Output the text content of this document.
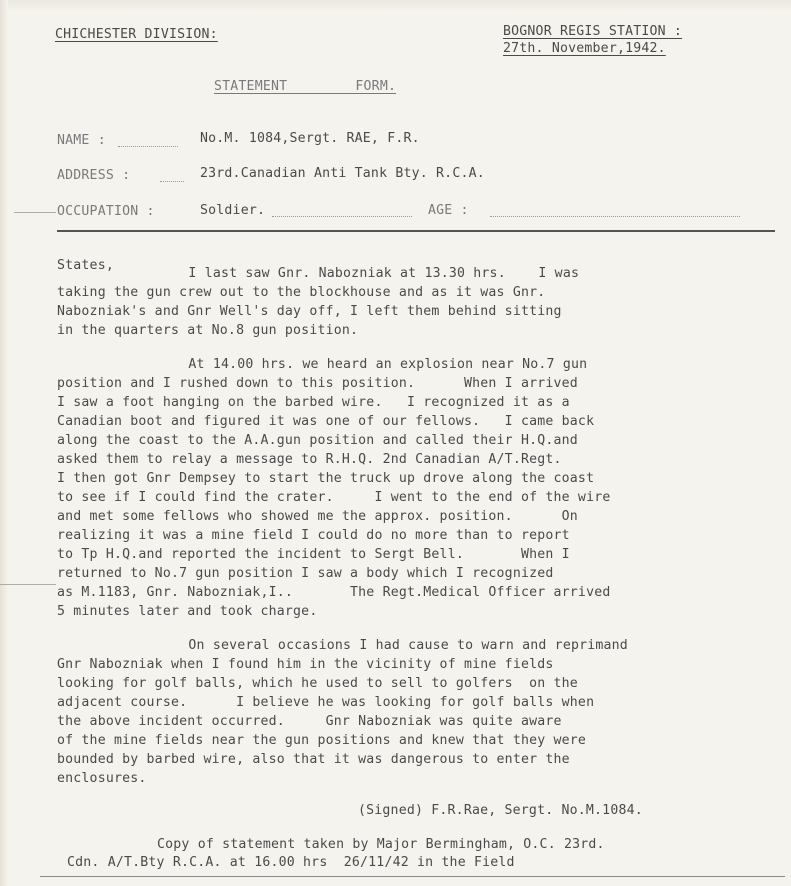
CHICHESTER DIVISION:	BOGNOR REGIS STATION :
27th. November,1942.
STATEMENT FORM.
NAME :	No.M. 1084,Sergt. RAE, F.R.
ADDRESS :	23rd.Canadian Anti Tank Bty. R.C.A.
OCCUPATION :	Soldier.	AGE :
States,
I last saw Gnr. Nabozniak at 13.30 hrs.    I was
taking the gun crew out to the blockhouse and as it was Gnr.
Nabozniak's and Gnr Well's day off, I left them behind sitting
in the quarters at No.8 gun position.
At 14.00 hrs. we heard an explosion near No.7 gun
position and I rushed down to this position.      When I arrived
I saw a foot hanging on the barbed wire.   I recognized it as a
Canadian boot and figured it was one of our fellows.   I came back
along the coast to the A.A.gun position and called their H.Q.and
asked them to relay a message to R.H.Q. 2nd Canadian A/T.Regt.
I then got Gnr Dempsey to start the truck up drove along the coast
to see if I could find the crater.     I went to the end of the wire
and met some fellows who showed me the approx. position.      On
realizing it was a mine field I could do no more than to report
to Tp H.Q.and reported the incident to Sergt Bell.       When I
returned to No.7 gun position I saw a body which I recognized
as M.1183, Gnr. Nabozniak,I..       The Regt.Medical Officer arrived
5 minutes later and took charge.
On several occasions I had cause to warn and reprimand
Gnr Nabozniak when I found him in the vicinity of mine fields
looking for golf balls, which he used to sell to golfers  on the
adjacent course.      I believe he was looking for golf balls when
the above incident occurred.     Gnr Nabozniak was quite aware
of the mine fields near the gun positions and knew that they were
bounded by barbed wire, also that it was dangerous to enter the
enclosures.
(Signed) F.R.Rae, Sergt. No.M.1084.
Copy of statement taken by Major Bermingham, O.C. 23rd.
Cdn. A/T.Bty R.C.A. at 16.00 hrs  26/11/42 in the Field
